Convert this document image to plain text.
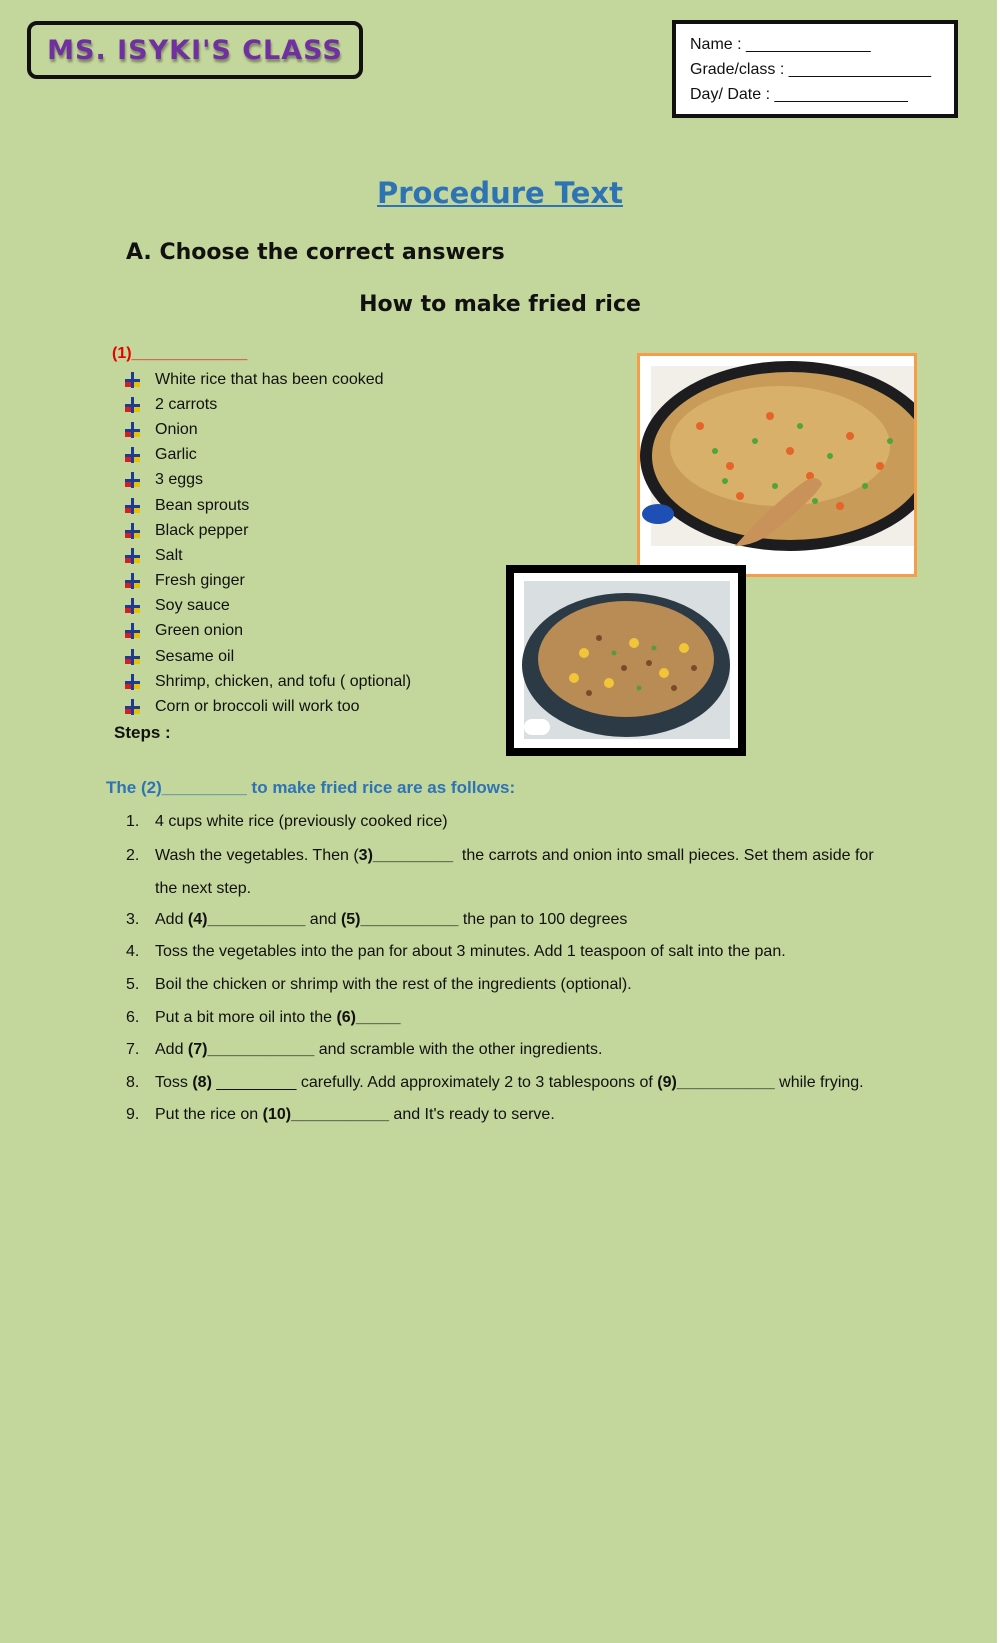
MS. ISYKI'S CLASS	Name : ______________
Grade/class : ________________
Day/ Date : _______________
Procedure Text
A. Choose the correct answers
How to make fried rice
(1)_____________
White rice that has been cooked
2 carrots
Onion
Garlic
3 eggs
Bean sprouts
Black pepper
Salt
Fresh ginger
Soy sauce
Green onion
Sesame oil
Shrimp, chicken, and tofu ( optional)
Corn or broccoli will work too
Steps :
The (2)_________ to make fried rice are as follows:
1. 4 cups white rice (previously cooked rice)
2. Wash the vegetables. Then (3)_________  the carrots and onion into small pieces. Set them aside for
the next step.
3. Add (4)___________ and (5)___________ the pan to 100 degrees
4. Toss the vegetables into the pan for about 3 minutes. Add 1 teaspoon of salt into the pan.
5. Boil the chicken or shrimp with the rest of the ingredients (optional).
6. Put a bit more oil into the (6)_____
7. Add (7)____________ and scramble with the other ingredients.
8. Toss (8) _________ carefully. Add approximately 2 to 3 tablespoons of (9)___________ while frying.
9. Put the rice on (10)___________ and It's ready to serve.
